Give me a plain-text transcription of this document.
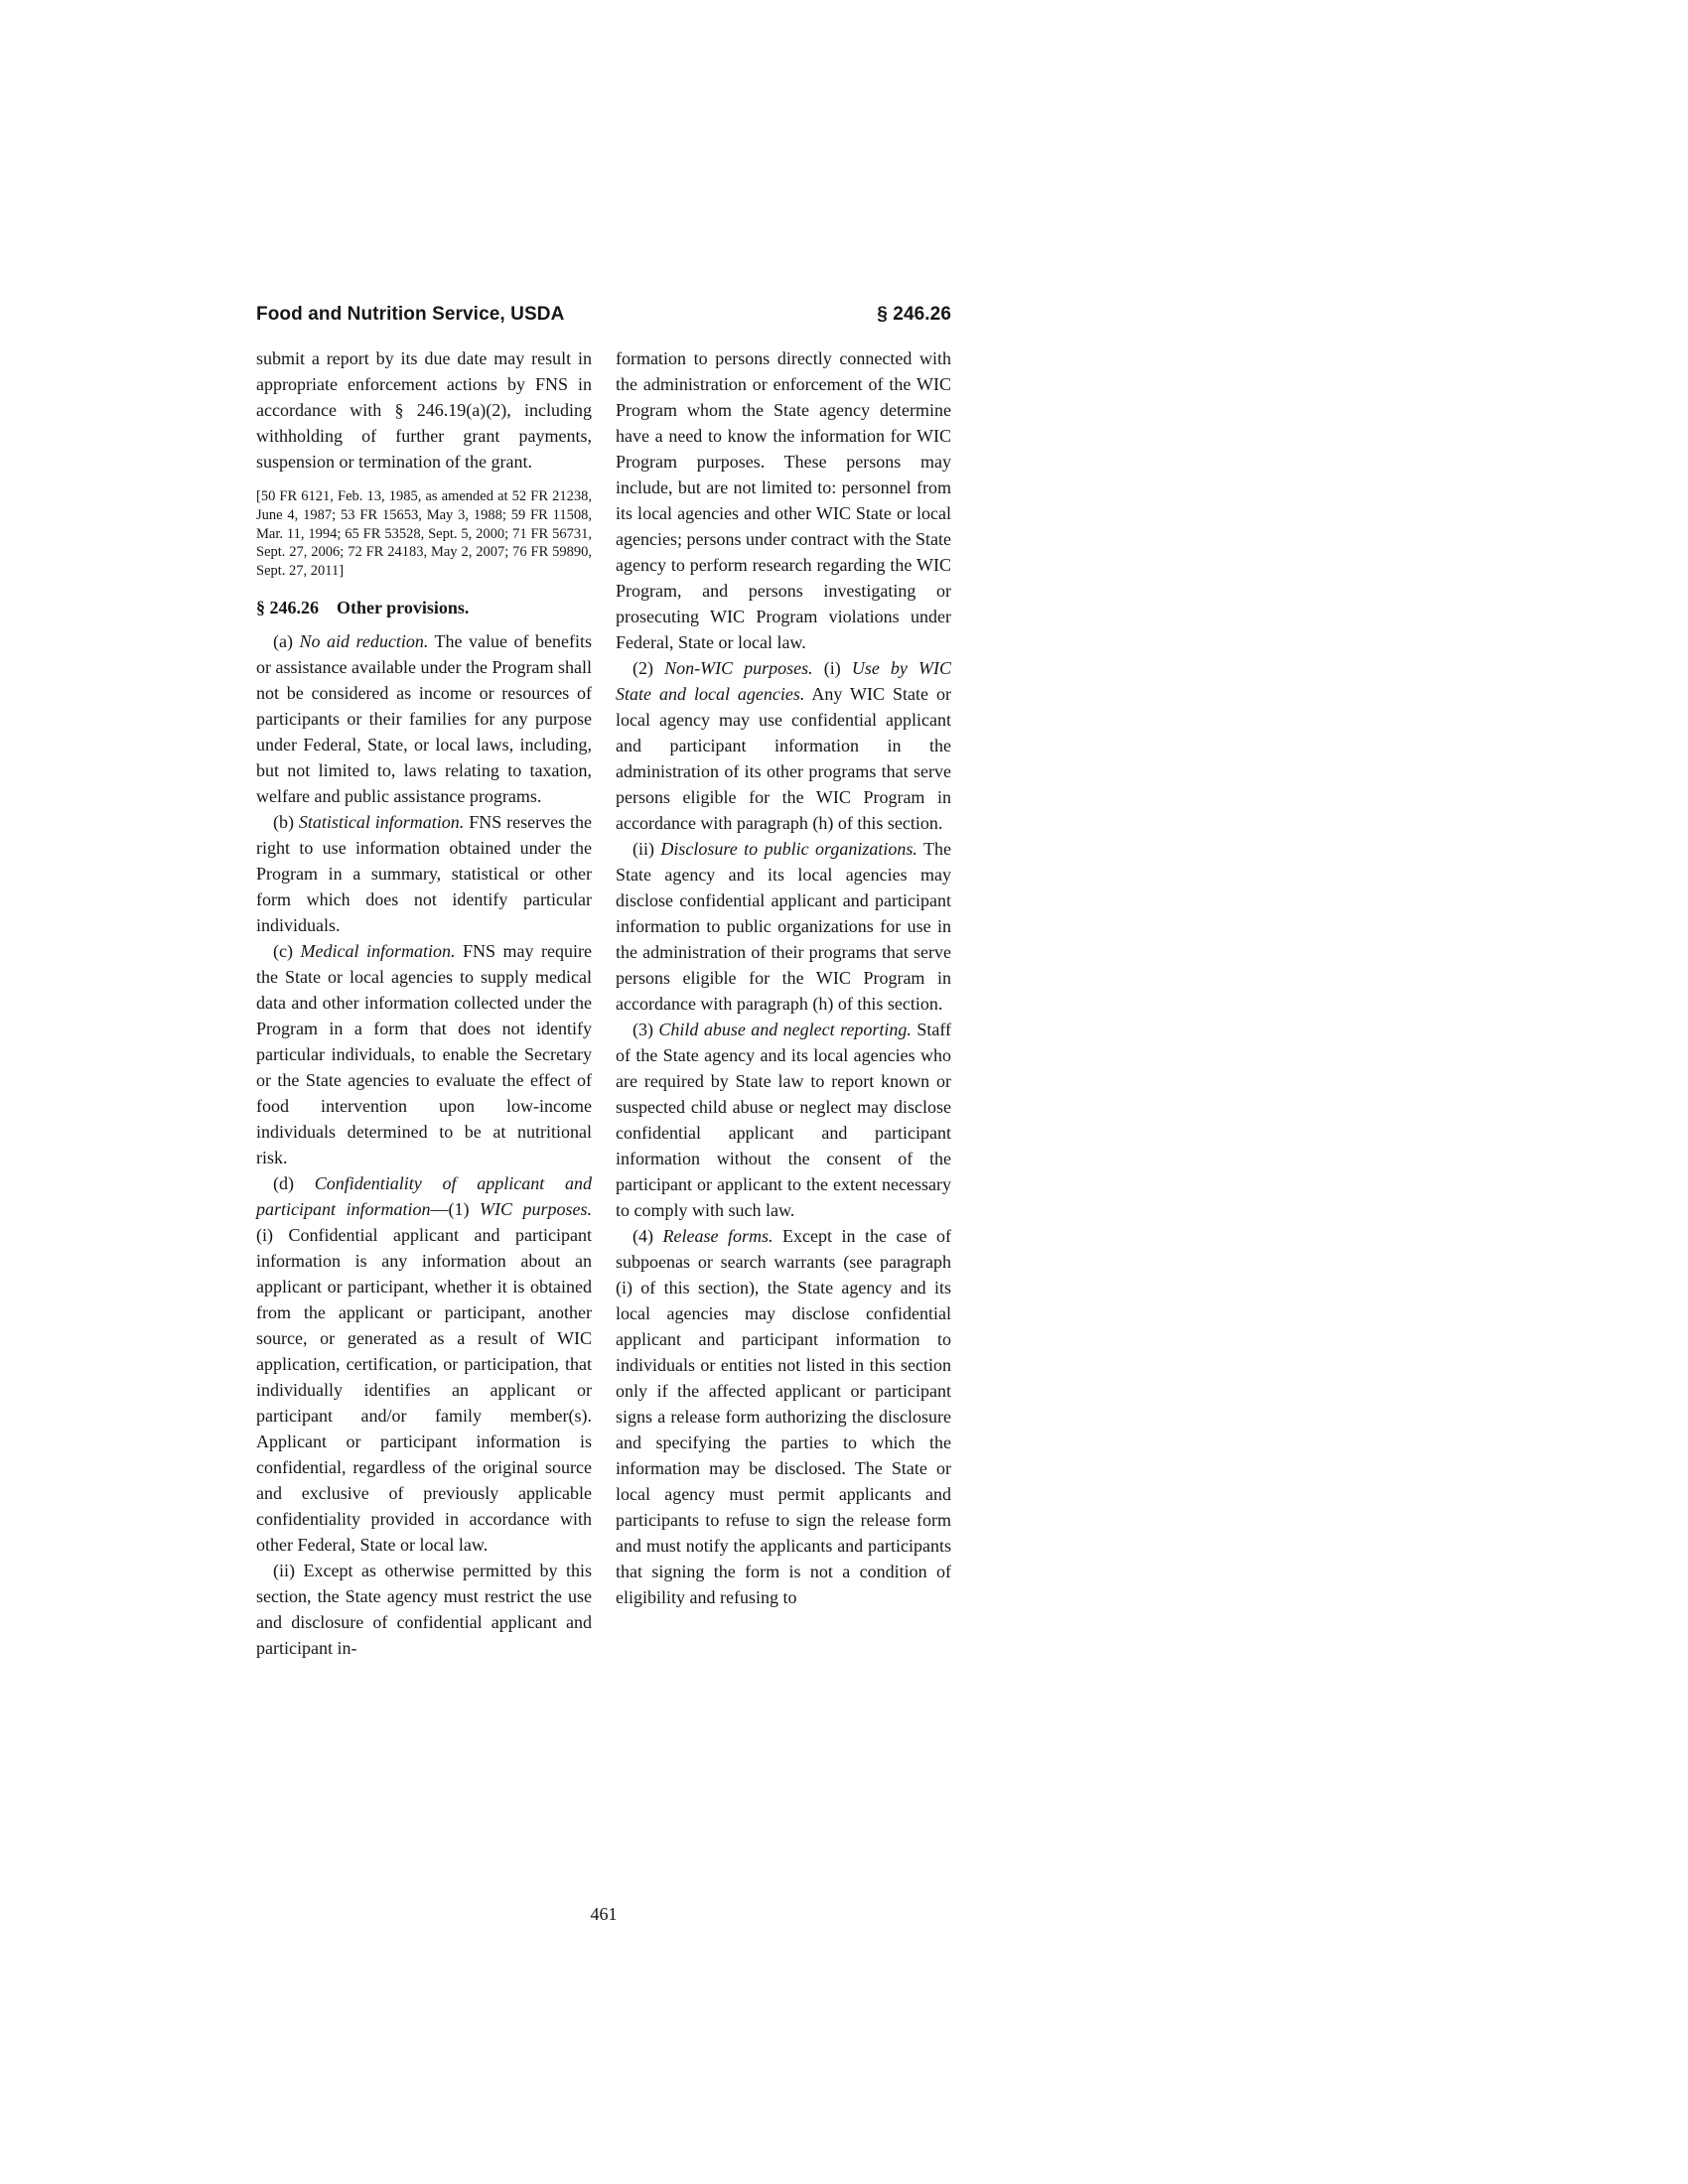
Food and Nutrition Service, USDA	§ 246.26

submit a report by its due date may result in appropriate enforcement actions by FNS in accordance with § 246.19(a)(2), including withholding of further grant payments, suspension or termination of the grant.

[50 FR 6121, Feb. 13, 1985, as amended at 52 FR 21238, June 4, 1987; 53 FR 15653, May 3, 1988; 59 FR 11508, Mar. 11, 1994; 65 FR 53528, Sept. 5, 2000; 71 FR 56731, Sept. 27, 2006; 72 FR 24183, May 2, 2007; 76 FR 59890, Sept. 27, 2011]

§ 246.26  Other provisions.

(a) No aid reduction. The value of benefits or assistance available under the Program shall not be considered as income or resources of participants or their families for any purpose under Federal, State, or local laws, including, but not limited to, laws relating to taxation, welfare and public assistance programs.

(b) Statistical information. FNS reserves the right to use information obtained under the Program in a summary, statistical or other form which does not identify particular individuals.

(c) Medical information. FNS may require the State or local agencies to supply medical data and other information collected under the Program in a form that does not identify particular individuals, to enable the Secretary or the State agencies to evaluate the effect of food intervention upon low-income individuals determined to be at nutritional risk.

(d) Confidentiality of applicant and participant information—(1) WIC purposes. (i) Confidential applicant and participant information is any information about an applicant or participant, whether it is obtained from the applicant or participant, another source, or generated as a result of WIC application, certification, or participation, that individually identifies an applicant or participant and/or family member(s). Applicant or participant information is confidential, regardless of the original source and exclusive of previously applicable confidentiality provided in accordance with other Federal, State or local law.

(ii) Except as otherwise permitted by this section, the State agency must restrict the use and disclosure of confidential applicant and participant in-

formation to persons directly connected with the administration or enforcement of the WIC Program whom the State agency determine have a need to know the information for WIC Program purposes. These persons may include, but are not limited to: personnel from its local agencies and other WIC State or local agencies; persons under contract with the State agency to perform research regarding the WIC Program, and persons investigating or prosecuting WIC Program violations under Federal, State or local law.

(2) Non-WIC purposes. (i) Use by WIC State and local agencies. Any WIC State or local agency may use confidential applicant and participant information in the administration of its other programs that serve persons eligible for the WIC Program in accordance with paragraph (h) of this section.

(ii) Disclosure to public organizations. The State agency and its local agencies may disclose confidential applicant and participant information to public organizations for use in the administration of their programs that serve persons eligible for the WIC Program in accordance with paragraph (h) of this section.

(3) Child abuse and neglect reporting. Staff of the State agency and its local agencies who are required by State law to report known or suspected child abuse or neglect may disclose confidential applicant and participant information without the consent of the participant or applicant to the extent necessary to comply with such law.

(4) Release forms. Except in the case of subpoenas or search warrants (see paragraph (i) of this section), the State agency and its local agencies may disclose confidential applicant and participant information to individuals or entities not listed in this section only if the affected applicant or participant signs a release form authorizing the disclosure and specifying the parties to which the information may be disclosed. The State or local agency must permit applicants and participants to refuse to sign the release form and must notify the applicants and participants that signing the form is not a condition of eligibility and refusing to

461
